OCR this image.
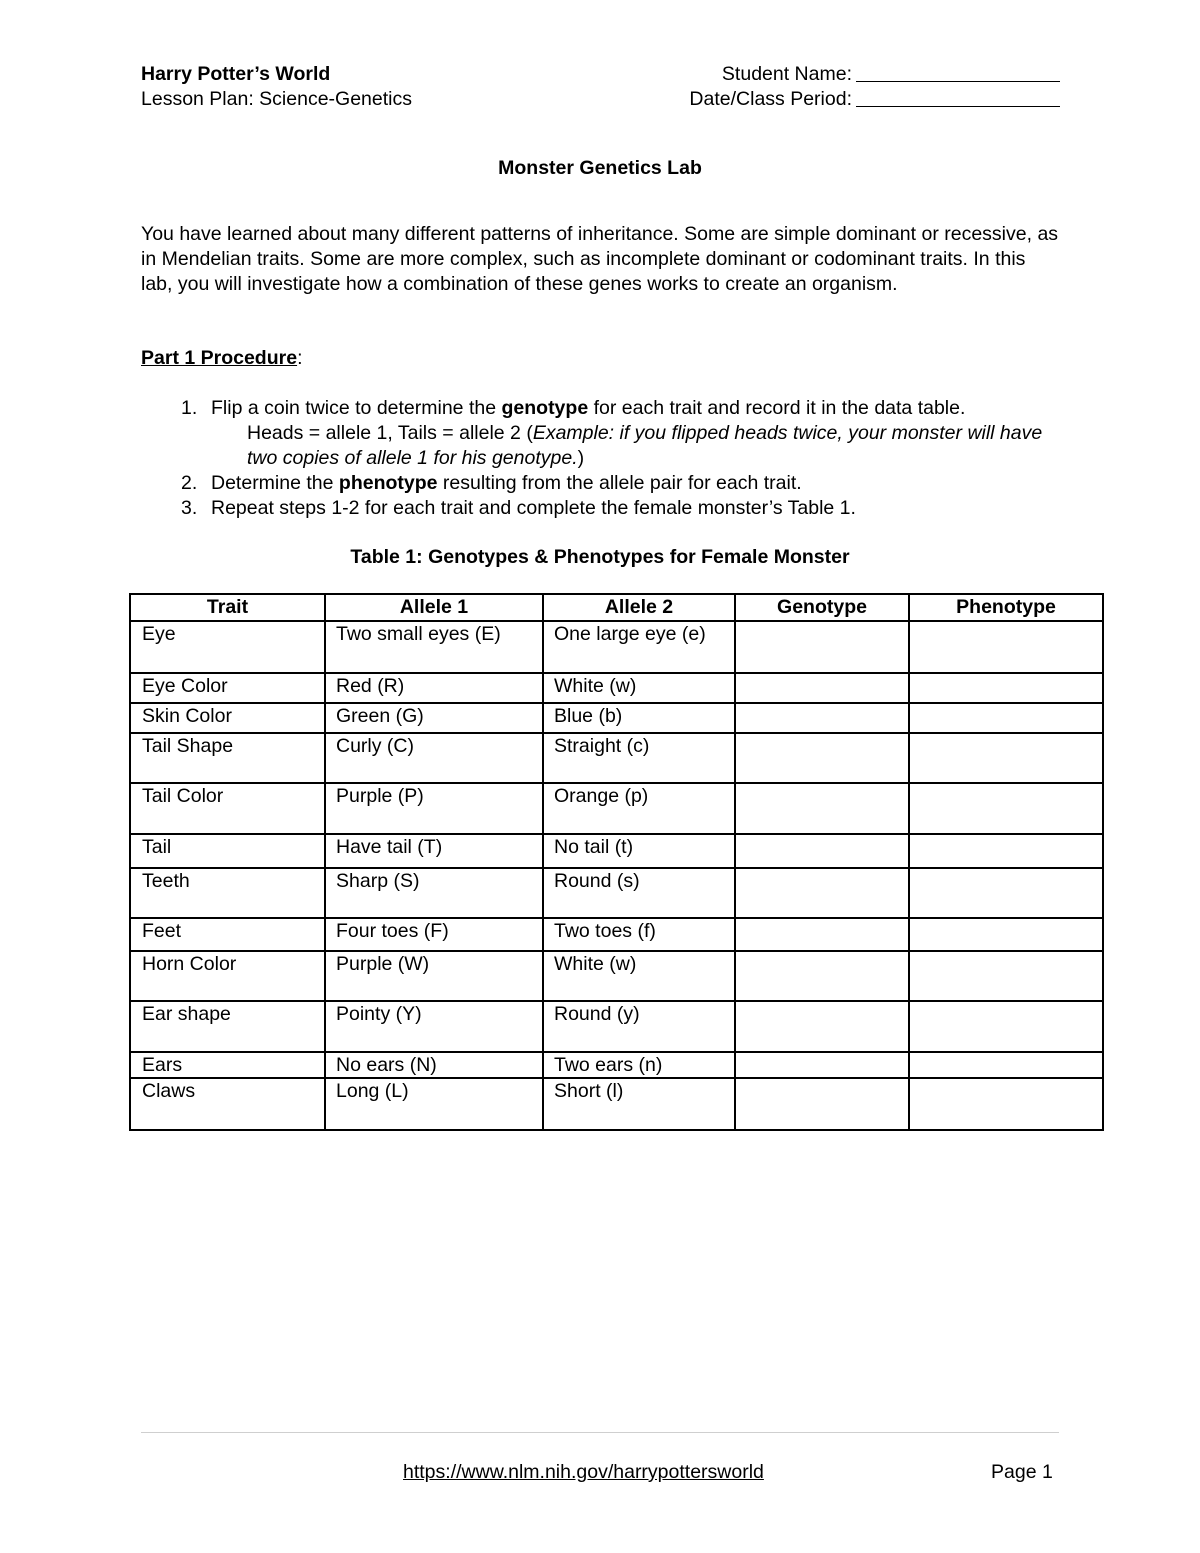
Harry Potter’s World
Lesson Plan: Science-Genetics
Student Name:
Date/Class Period:
Monster Genetics Lab
You have learned about many different patterns of inheritance. Some are simple dominant or recessive, as in Mendelian traits. Some are more complex, such as incomplete dominant or codominant traits. In this lab, you will investigate how a combination of these genes works to create an organism.
Part 1 Procedure:
1. Flip a coin twice to determine the genotype for each trait and record it in the data table.
Heads = allele 1, Tails = allele 2 (Example: if you flipped heads twice, your monster will have two copies of allele 1 for his genotype.)
2. Determine the phenotype resulting from the allele pair for each trait.
3. Repeat steps 1-2 for each trait and complete the female monster’s Table 1.
Table 1: Genotypes & Phenotypes for Female Monster
Trait	Allele 1	Allele 2	Genotype	Phenotype
Eye	Two small eyes (E)	One large eye (e)		
Eye Color	Red (R)	White (w)		
Skin Color	Green (G)	Blue (b)		
Tail Shape	Curly (C)	Straight (c)		
Tail Color	Purple (P)	Orange (p)		
Tail	Have tail (T)	No tail (t)		
Teeth	Sharp (S)	Round (s)		
Feet	Four toes (F)	Two toes (f)		
Horn Color	Purple (W)	White (w)		
Ear shape	Pointy (Y)	Round (y)		
Ears	No ears (N)	Two ears (n)		
Claws	Long (L)	Short (l)		
https://www.nlm.nih.gov/harrypottersworld	Page 1
